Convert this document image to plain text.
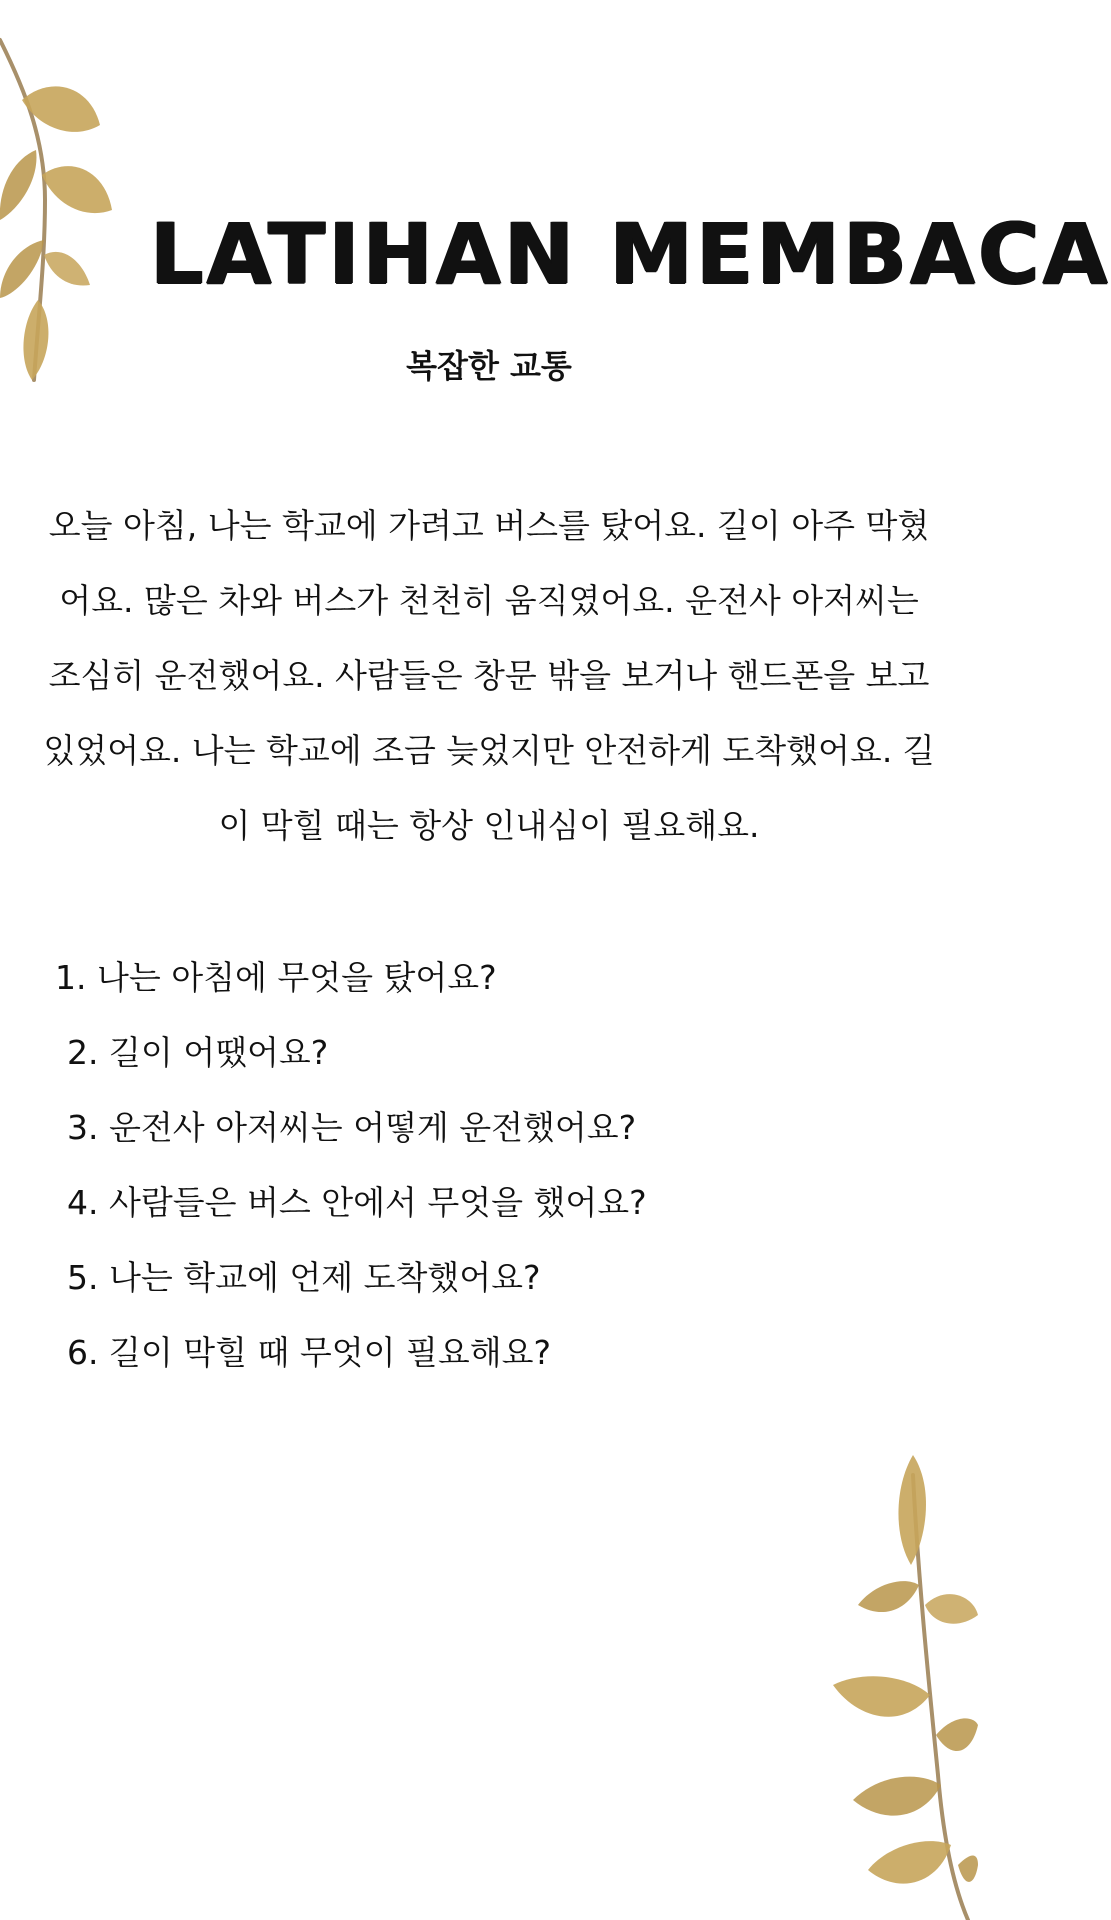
LATIHAN MEMBACA
복잡한 교통

오늘 아침, 나는 학교에 가려고 버스를 탔어요. 길이 아주 막혔어요. 많은 차와 버스가 천천히 움직였어요. 운전사 아저씨는 조심히 운전했어요. 사람들은 창문 밖을 보거나 핸드폰을 보고 있었어요. 나는 학교에 조금 늦었지만 안전하게 도착했어요. 길이 막힐 때는 항상 인내심이 필요해요.

1. 나는 아침에 무엇을 탔어요?
2. 길이 어땠어요?
3. 운전사 아저씨는 어떻게 운전했어요?
4. 사람들은 버스 안에서 무엇을 했어요?
5. 나는 학교에 언제 도착했어요?
6. 길이 막힐 때 무엇이 필요해요?
